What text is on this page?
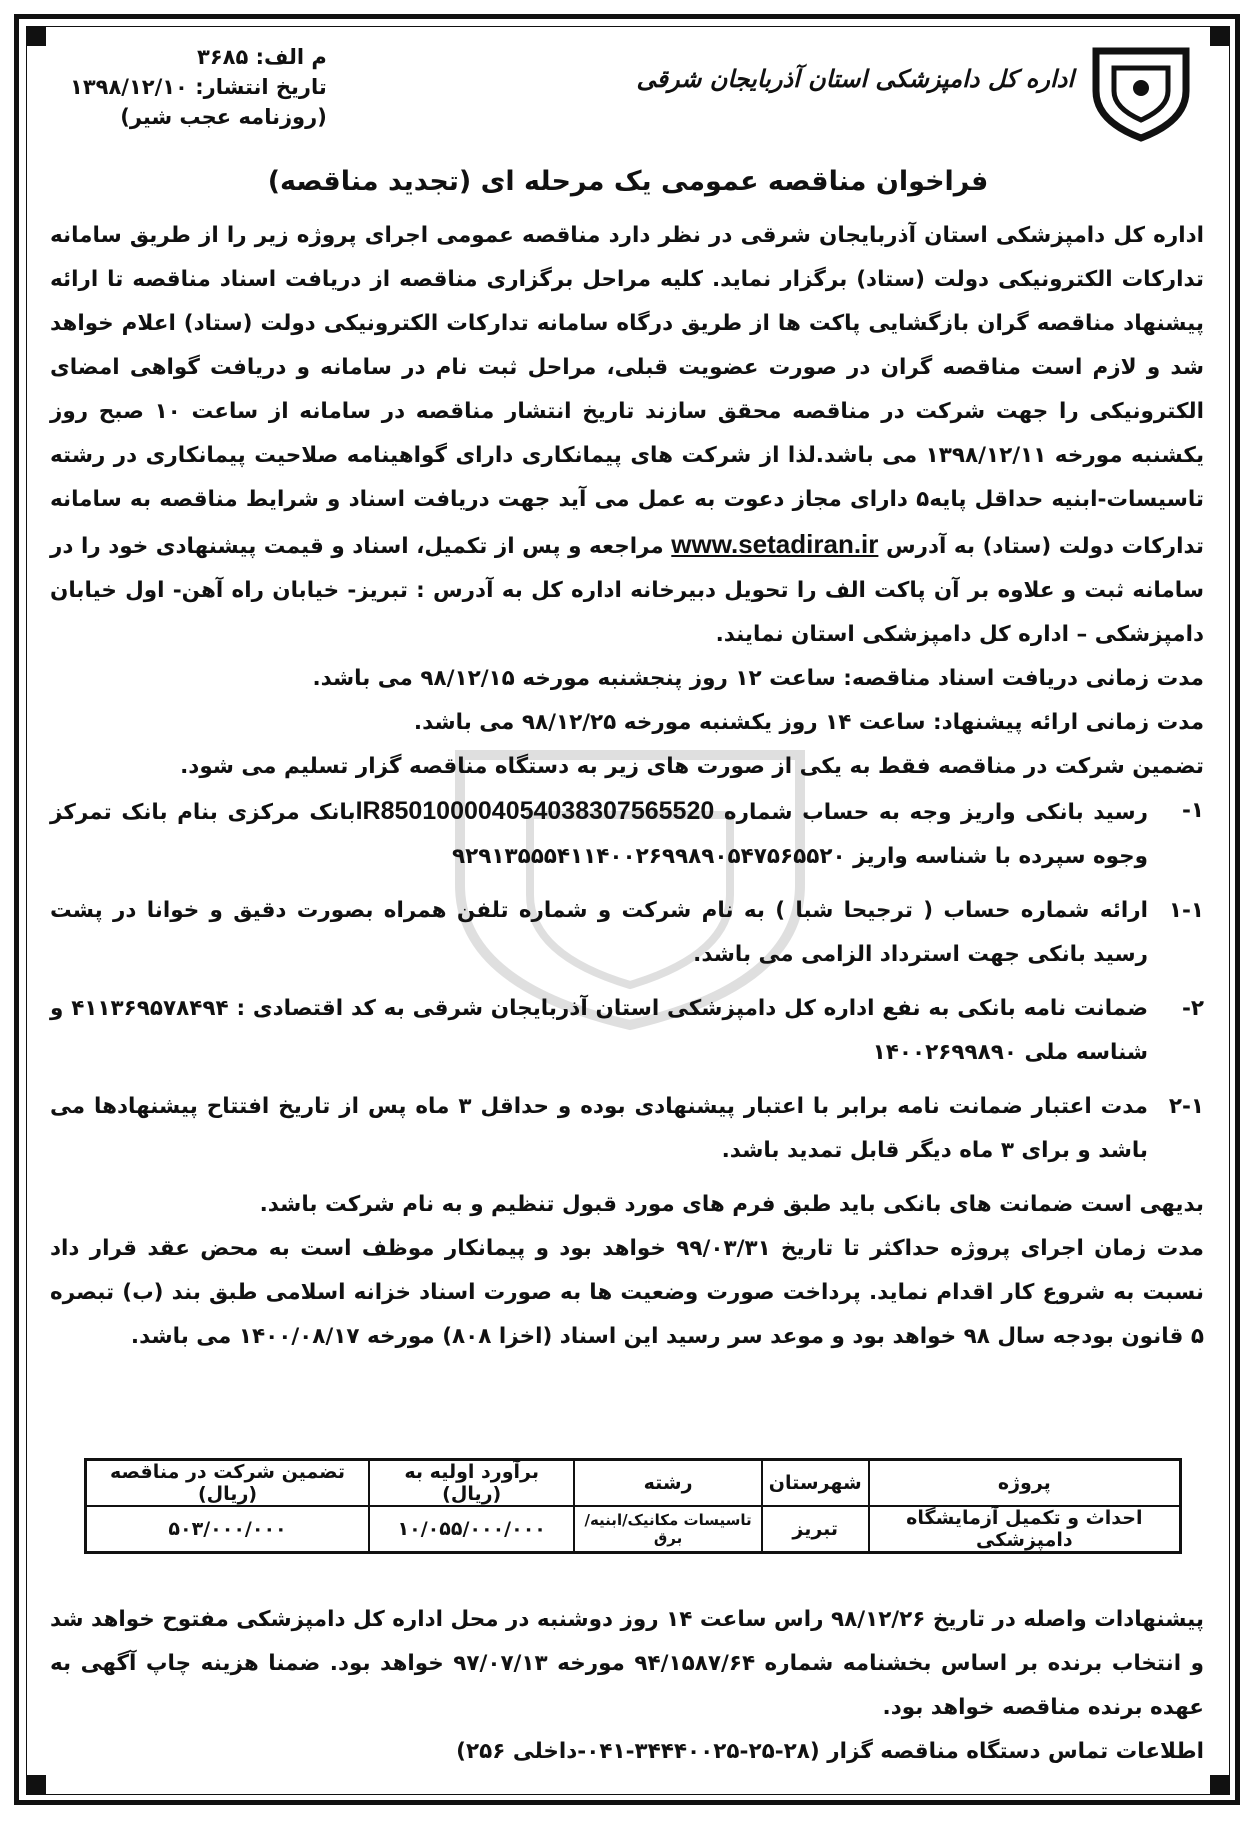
اداره کل دامپزشکی استان آذربایجان شرقی
م الف: ۳۶۸۵
تاریخ انتشار: ۱۳۹۸/۱۲/۱۰
(روزنامه عجب شیر)
فراخوان مناقصه عمومی یک مرحله ای (تجدید مناقصه)

اداره کل دامپزشکی استان آذربایجان شرقی در نظر دارد مناقصه عمومی اجرای پروژه زیر را از طریق سامانه تدارکات الکترونیکی دولت (ستاد) برگزار نماید. کلیه مراحل برگزاری مناقصه از دریافت اسناد مناقصه تا ارائه پیشنهاد مناقصه گران بازگشایی پاکت ها از طریق درگاه سامانه تدارکات الکترونیکی دولت (ستاد) اعلام خواهد شد و لازم است مناقصه گران در صورت عضویت قبلی، مراحل ثبت نام در سامانه و دریافت گواهی امضای الکترونیکی را جهت شرکت در مناقصه محقق سازند تاریخ انتشار مناقصه در سامانه از ساعت ۱۰ صبح روز یکشنبه مورخه ۱۳۹۸/۱۲/۱۱ می باشد.لذا از شرکت های پیمانکاری دارای گواهینامه صلاحیت پیمانکاری در رشته تاسیسات-ابنیه حداقل پایه۵ دارای مجاز دعوت به عمل می آید جهت دریافت اسناد و شرایط مناقصه به سامانه تدارکات دولت (ستاد) به آدرس www.setadiran.ir مراجعه و پس از تکمیل، اسناد و قیمت پیشنهادی خود را در سامانه ثبت و علاوه بر آن پاکت الف را تحویل دبیرخانه اداره کل به آدرس : تبریز- خیابان راه آهن- اول خیابان دامپزشکی – اداره کل دامپزشکی استان نمایند.

مدت زمانی دریافت اسناد مناقصه: ساعت ۱۲ روز پنجشنبه مورخه ۹۸/۱۲/۱۵ می باشد.

مدت زمانی ارائه پیشنهاد: ساعت ۱۴ روز یکشنبه مورخه ۹۸/۱۲/۲۵ می باشد.

تضمین شرکت در مناقصه فقط به یکی از صورت های زیر به دستگاه مناقصه گزار تسلیم می شود.

۱-
رسید بانکی واریز وجه به حساب شماره IR850100004054038307565520بانک مرکزی بنام بانک تمرکز وجوه سپرده با شناسه واریز ۹۲۹۱۳۵۵۵۴۱۱۴۰۰۲۶۹۹۸۹۰۵۴۷۵۶۵۵۲۰
۱-۱
ارائه شماره حساب ( ترجیحا شبا ) به نام شرکت و شماره تلفن همراه بصورت دقیق و خوانا در پشت رسید بانکی جهت استرداد الزامی می باشد.
۲-
ضمانت نامه بانکی به نفع اداره کل دامپزشکی استان آذربایجان شرقی به کد اقتصادی : ۴۱۱۳۶۹۵۷۸۴۹۴ و شناسه ملی ۱۴۰۰۲۶۹۹۸۹۰
۲-۱
مدت اعتبار ضمانت نامه برابر با اعتبار پیشنهادی بوده و حداقل ۳ ماه پس از تاریخ افتتاح پیشنهادها می باشد و برای ۳ ماه دیگر قابل تمدید باشد.

بدیهی است ضمانت های بانکی باید طبق فرم های مورد قبول تنظیم و به نام شرکت باشد.

مدت زمان اجرای پروژه حداکثر تا تاریخ ۹۹/۰۳/۳۱ خواهد بود و پیمانکار موظف است به محض عقد قرار داد نسبت به شروع کار اقدام نماید. پرداخت صورت وضعیت ها به صورت اسناد خزانه اسلامی طبق بند (ب) تبصره ۵ قانون بودجه سال ۹۸ خواهد بود و موعد سر رسید این اسناد (اخزا ۸۰۸) مورخه ۱۴۰۰/۰۸/۱۷ می باشد.

پروژه	شهرستان	رشته	برآورد اولیه به (ریال)	تضمین شرکت در مناقصه (ریال)
احداث و تکمیل آزمایشگاه دامپزشکی	تبریز	تاسیسات مکانیک/ابنیه/برق	۱۰/۰۵۵/۰۰۰/۰۰۰	۵۰۳/۰۰۰/۰۰۰

پیشنهادات واصله در تاریخ ۹۸/۱۲/۲۶ راس ساعت ۱۴ روز دوشنبه در محل اداره کل دامپزشکی مفتوح خواهد شد و انتخاب برنده بر اساس بخشنامه شماره ۹۴/۱۵۸۷/۶۴ مورخه ۹۷/۰۷/۱۳ خواهد بود. ضمنا هزینه چاپ آگهی به عهده برنده مناقصه خواهد بود.

اطلاعات تماس دستگاه مناقصه گزار (۲۸-۲۵-۳۴۴۴۰۰۲۵-۰۴۱-داخلی ۲۵۶)
